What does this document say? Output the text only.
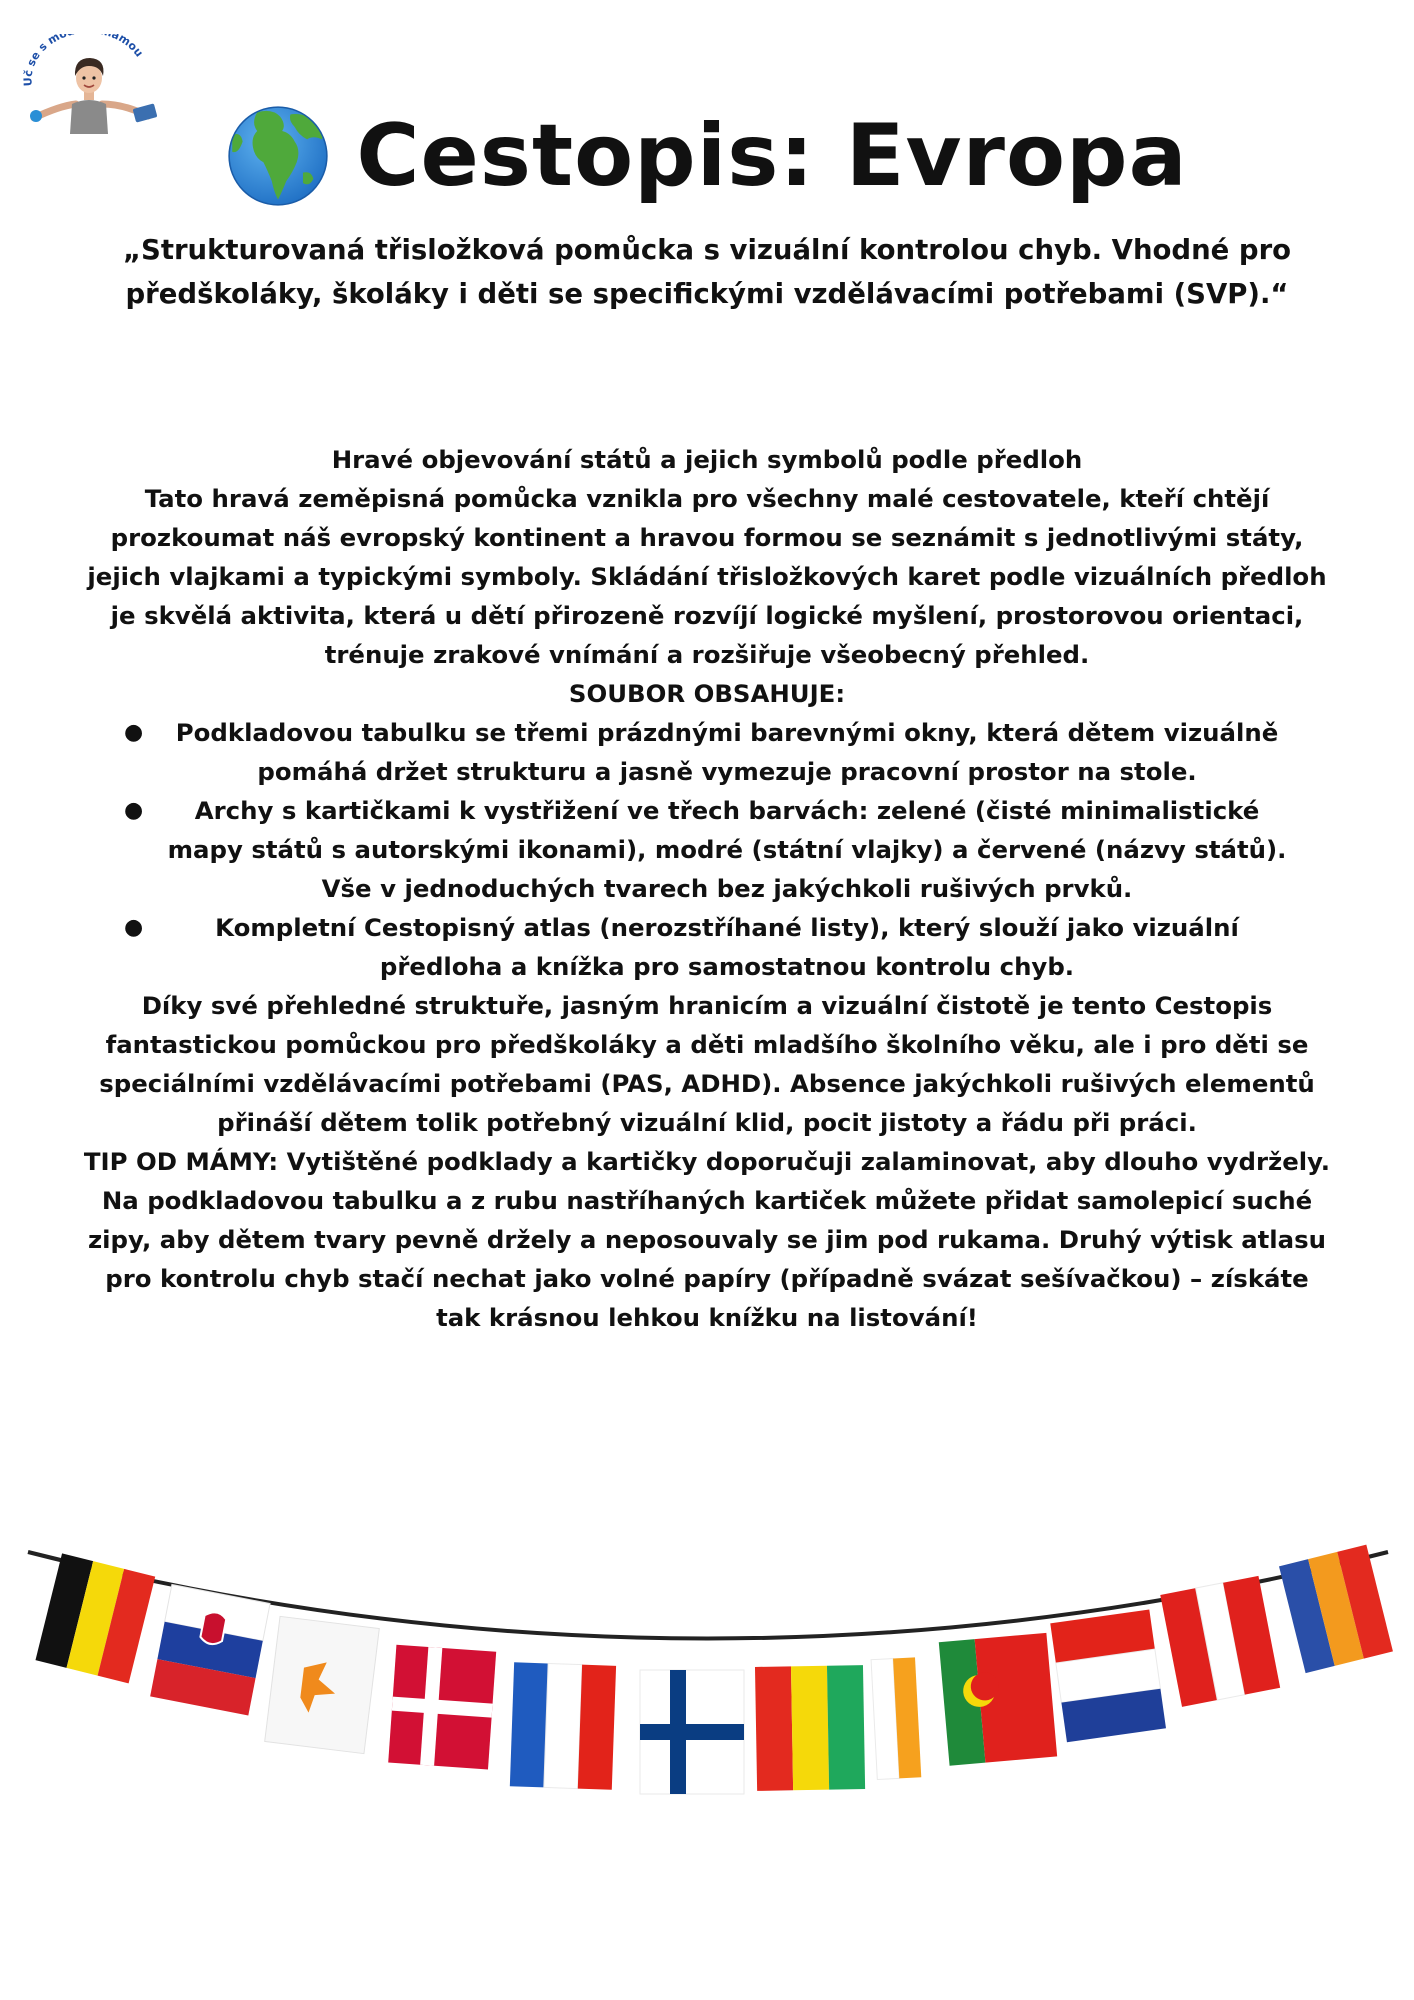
Uč se s mo ámou
Cestopis: Evropa
„Strukturovaná třisložková pomůcka s vizuální kontrolou chyb. Vhodné pro předškoláky, školáky i děti se specifickými vzdělávacími potřebami (SVP).“

Hravé objevování států a jejich symbolů podle předloh

Tato hravá zeměpisná pomůcka vznikla pro všechny malé cestovatele, kteří chtějí prozkoumat náš evropský kontinent a hravou formou se seznámit s jednotlivými státy, jejich vlajkami a typickými symboly. Skládání třisložkových karet podle vizuálních předloh je skvělá aktivita, která u dětí přirozeně rozvíjí logické myšlení, prostorovou orientaci, trénuje zrakové vnímání a rozšiřuje všeobecný přehled.

SOUBOR OBSAHUJE:

● Podkladovou tabulku se třemi prázdnými barevnými okny, která dětem vizuálně pomáhá držet strukturu a jasně vymezuje pracovní prostor na stole.
● Archy s kartičkami k vystřižení ve třech barvách: zelené (čisté minimalistické mapy států s autorskými ikonami), modré (státní vlajky) a červené (názvy států). Vše v jednoduchých tvarech bez jakýchkoli rušivých prvků.
●	Kompletní Cestopisný atlas (nerozstříhané listy), který slouží jako vizuální předloha a knížka pro samostatnou kontrolu chyb.

Díky své přehledné struktuře, jasným hranicím a vizuální čistotě je tento Cestopis fantastickou pomůckou pro předškoláky a děti mladšího školního věku, ale i pro děti se speciálními vzdělávacími potřebami (PAS, ADHD). Absence jakýchkoli rušivých elementů přináší dětem tolik potřebný vizuální klid, pocit jistoty a řádu při práci.

TIP OD MÁMY: Vytištěné podklady a kartičky doporučuji zalaminovat, aby dlouho vydržely. Na podkladovou tabulku a z rubu nastříhaných kartiček můžete přidat samolepicí suché zipy, aby dětem tvary pevně držely a neposouvaly se jim pod rukama. Druhý výtisk atlasu pro kontrolu chyb stačí nechat jako volné papíry (případně svázat sešívačkou) – získáte tak krásnou lehkou knížku na listování!
